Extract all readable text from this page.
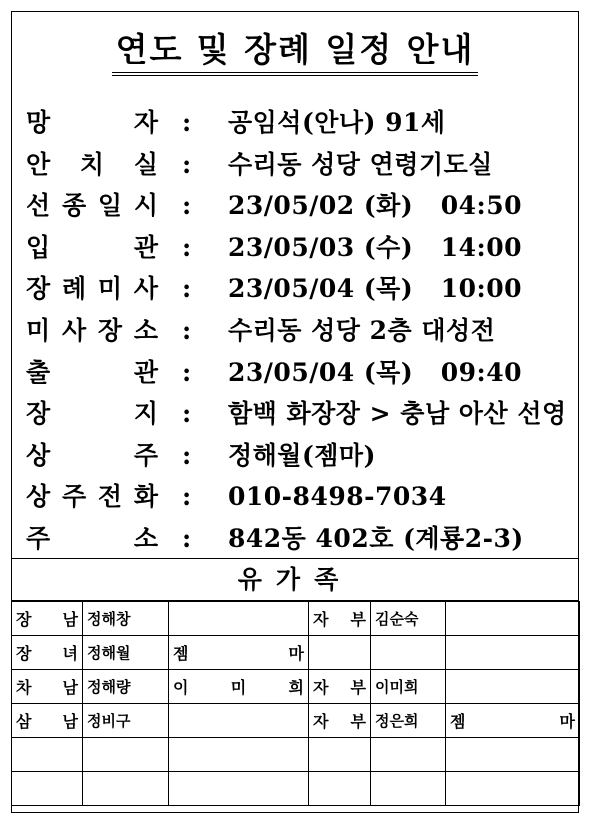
연도 및 장례 일정 안내
망	자 : 공임석(안나) 91세
안 치 실 : 수리동 성당 연령기도실
선 종 일 시 : 23/05/02 (화)   04:50
입	관 : 23/05/03 (수)   14:00
장 례 미 사 : 23/05/04 (목)   10:00
미 사 장 소 : 수리동 성당 2층 대성전
출	관 : 23/05/04 (목)   09:40
장	지 : 함백 화장장 > 충남 아산 선영
상	주 : 정해월(젬마)
상 주 전 화 : 010-8498-7034
주	소 : 842동 402호 (계룡2-3)
유가족
장 남	정해창		자 부	김순숙	

장 녀	정해월	젬 마			

차 남	정해량	이 미 희	자 부	이미희	

삼 남	정비구		자 부	정은희	젬 마
